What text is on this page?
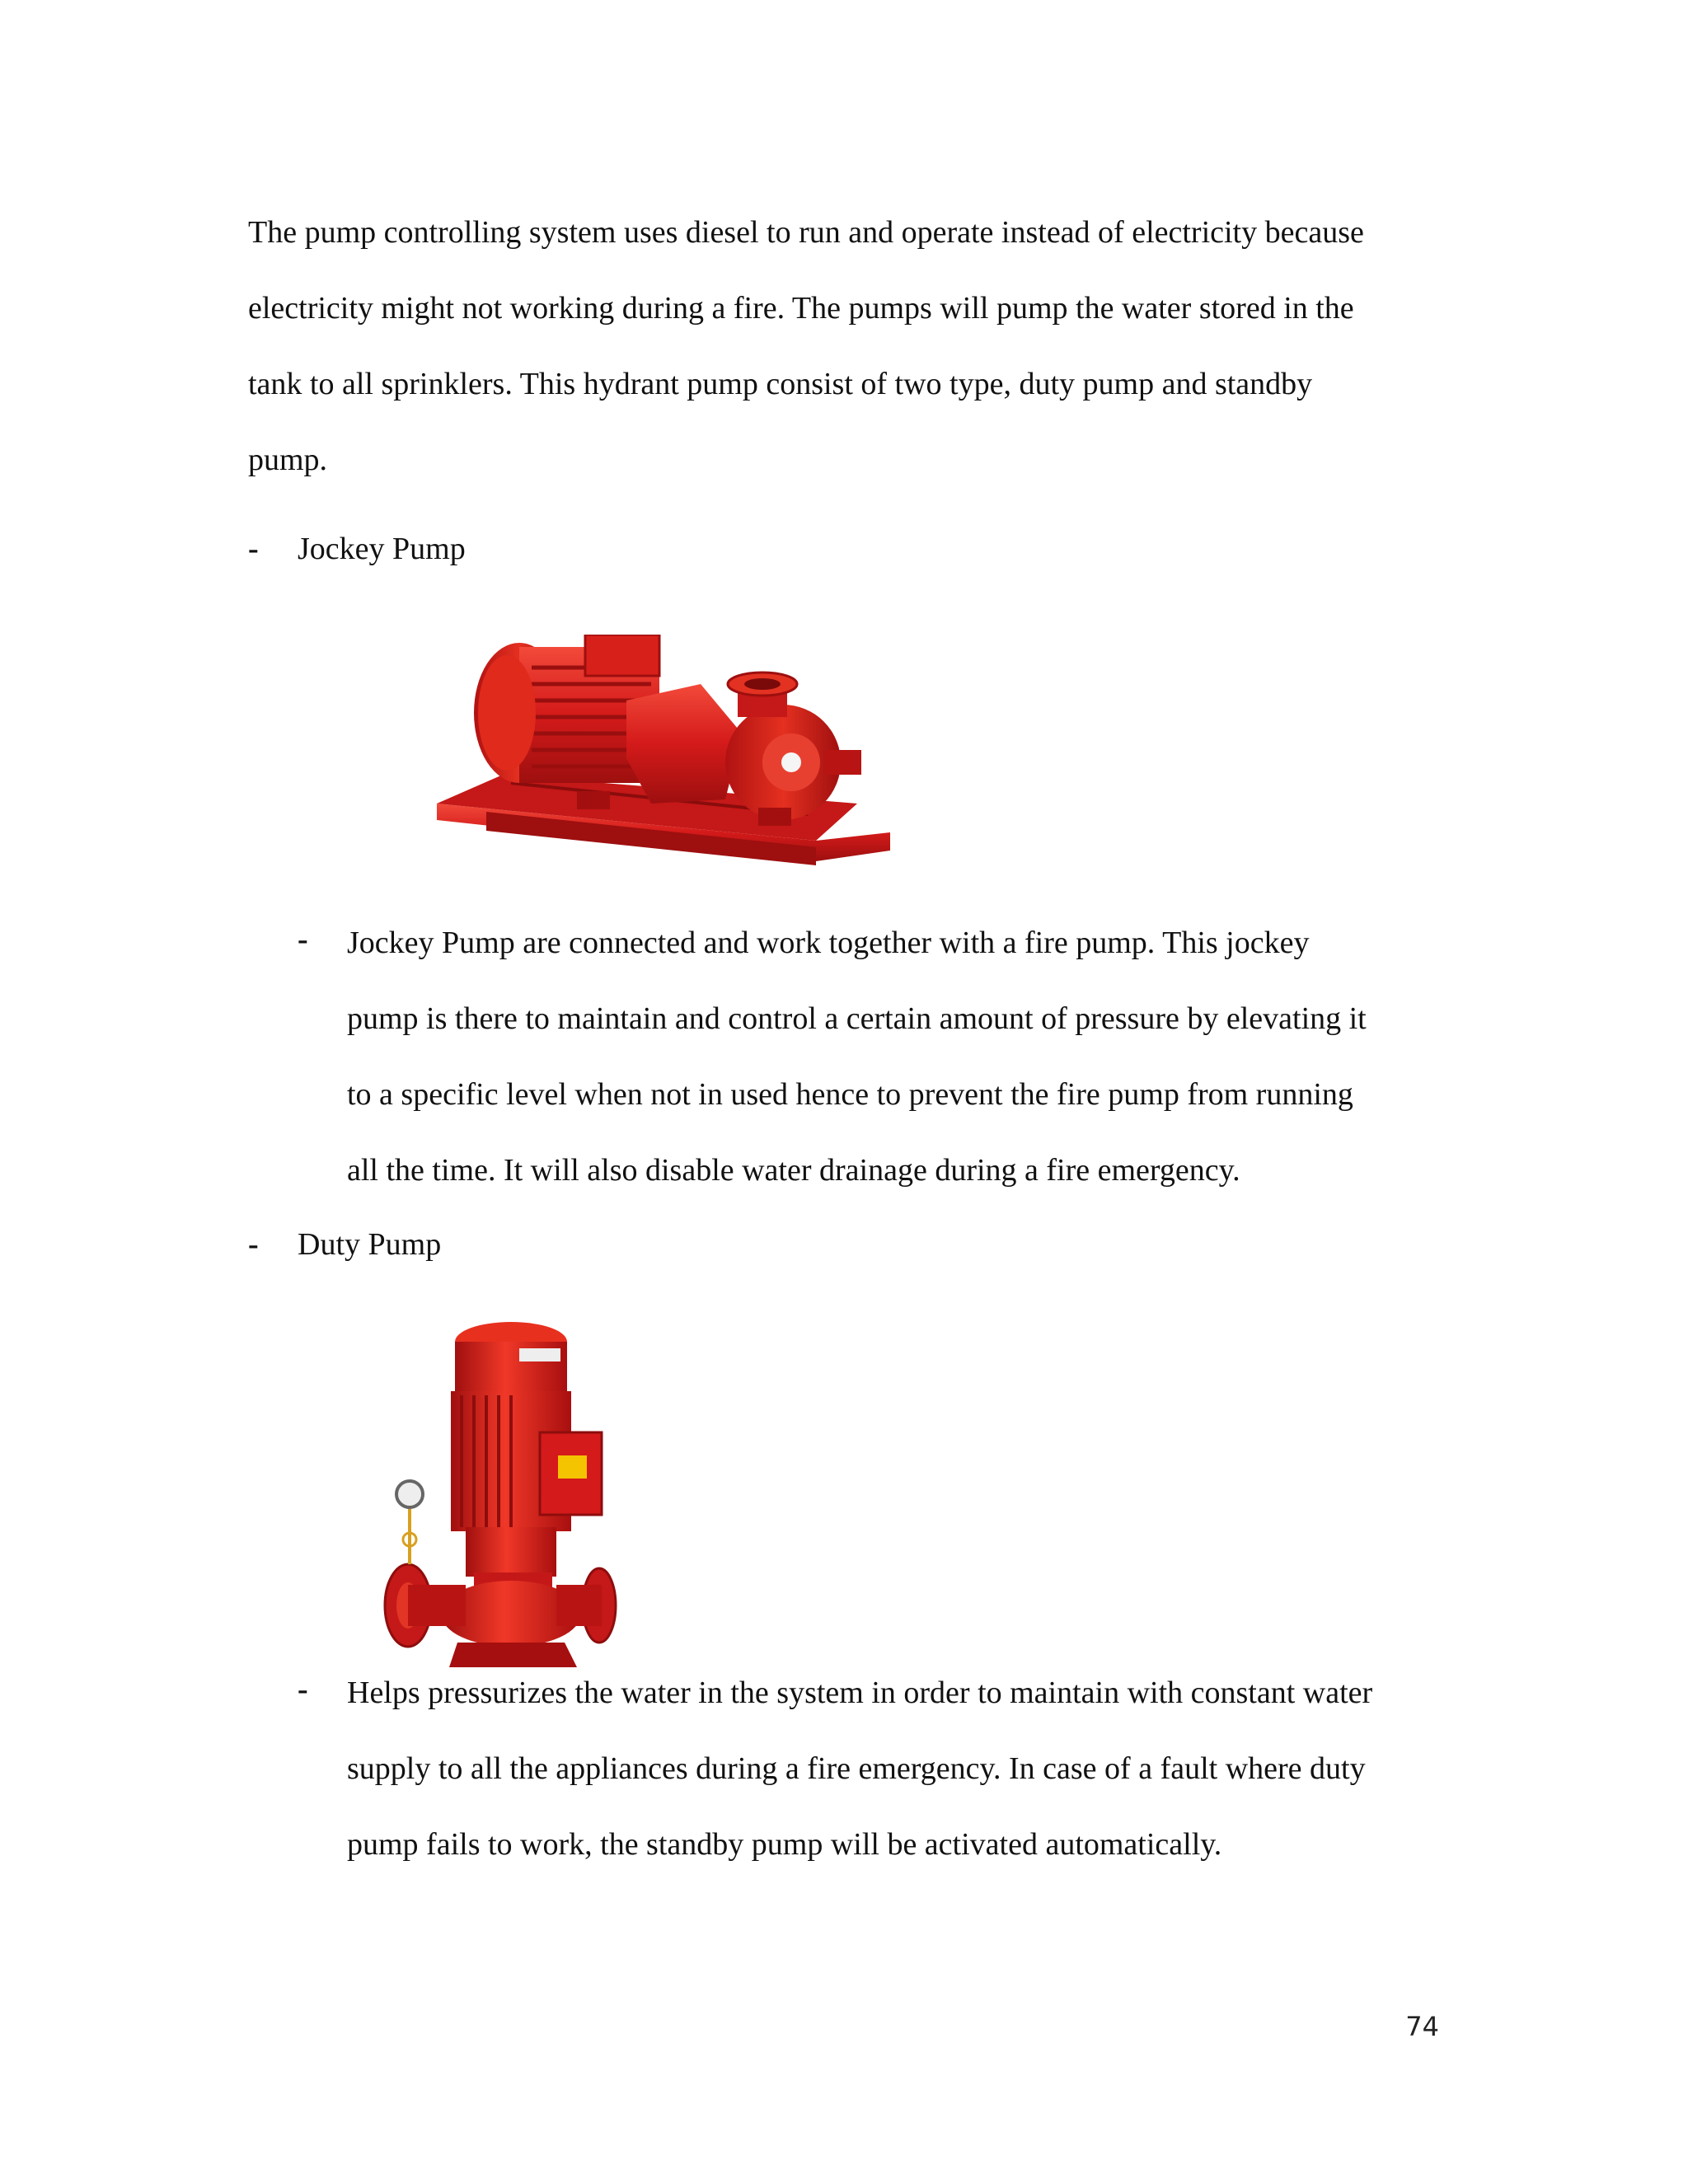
The pump controlling system uses diesel to run and operate instead of electricity because
electricity might not working during a fire. The pumps will pump the water stored in the
tank to all sprinklers. This hydrant pump consist of two type, duty pump and standby
pump.
- Jockey Pump
- Jockey Pump are connected and work together with a fire pump. This jockey
pump is there to maintain and control a certain amount of pressure by elevating it
to a specific level when not in used hence to prevent the fire pump from running
all the time. It will also disable water drainage during a fire emergency.
- Duty Pump
- Helps pressurizes the water in the system in order to maintain with constant water
supply to all the appliances during a fire emergency. In case of a fault where duty
pump fails to work, the standby pump will be activated automatically.
74
